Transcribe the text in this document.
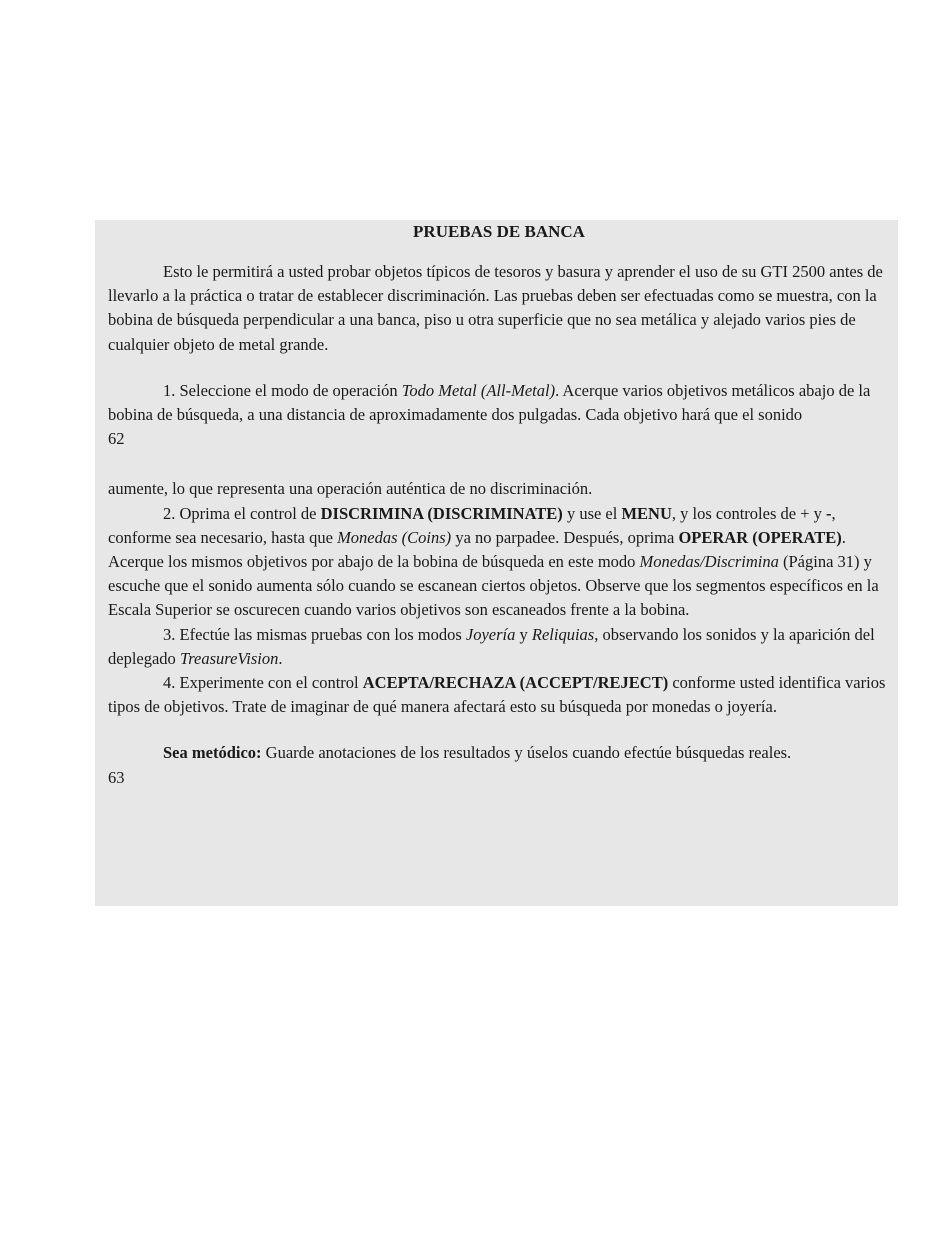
PRUEBAS DE BANCA

Esto le permitirá a usted probar objetos típicos de tesoros y basura y aprender el uso de su GTI 2500 antes de llevarlo a la práctica o tratar de establecer discriminación. Las pruebas deben ser efectuadas como se muestra, con la bobina de búsqueda perpendicular a una banca, piso u otra superficie que no sea metálica y alejado varios pies de cualquier objeto de metal grande.

1. Seleccione el modo de operación Todo Metal (All-Metal). Acerque varios objetivos metálicos abajo de la bobina de búsqueda, a una distancia de aproximadamente dos pulgadas. Cada objetivo hará que el sonido

62

aumente, lo que representa una operación auténtica de no discriminación.

2. Oprima el control de DISCRIMINA (DISCRIMINATE) y use el MENU, y los controles de + y -, conforme sea necesario, hasta que Monedas (Coins) ya no parpadee. Después, oprima OPERAR (OPERATE). Acerque los mismos objetivos por abajo de la bobina de búsqueda en este modo Monedas/Discrimina (Página 31) y escuche que el sonido aumenta sólo cuando se escanean ciertos objetos. Observe que los segmentos específicos en la Escala Superior se oscurecen cuando varios objetivos son escaneados frente a la bobina.

3. Efectúe las mismas pruebas con los modos Joyería y Reliquias, observando los sonidos y la aparición del deplegado TreasureVision.

4. Experimente con el control ACEPTA/RECHAZA (ACCEPT/REJECT) conforme usted identifica varios tipos de objetivos. Trate de imaginar de qué manera afectará esto su búsqueda por monedas o joyería.

Sea metódico: Guarde anotaciones de los resultados y úselos cuando efectúe búsquedas reales.

63
